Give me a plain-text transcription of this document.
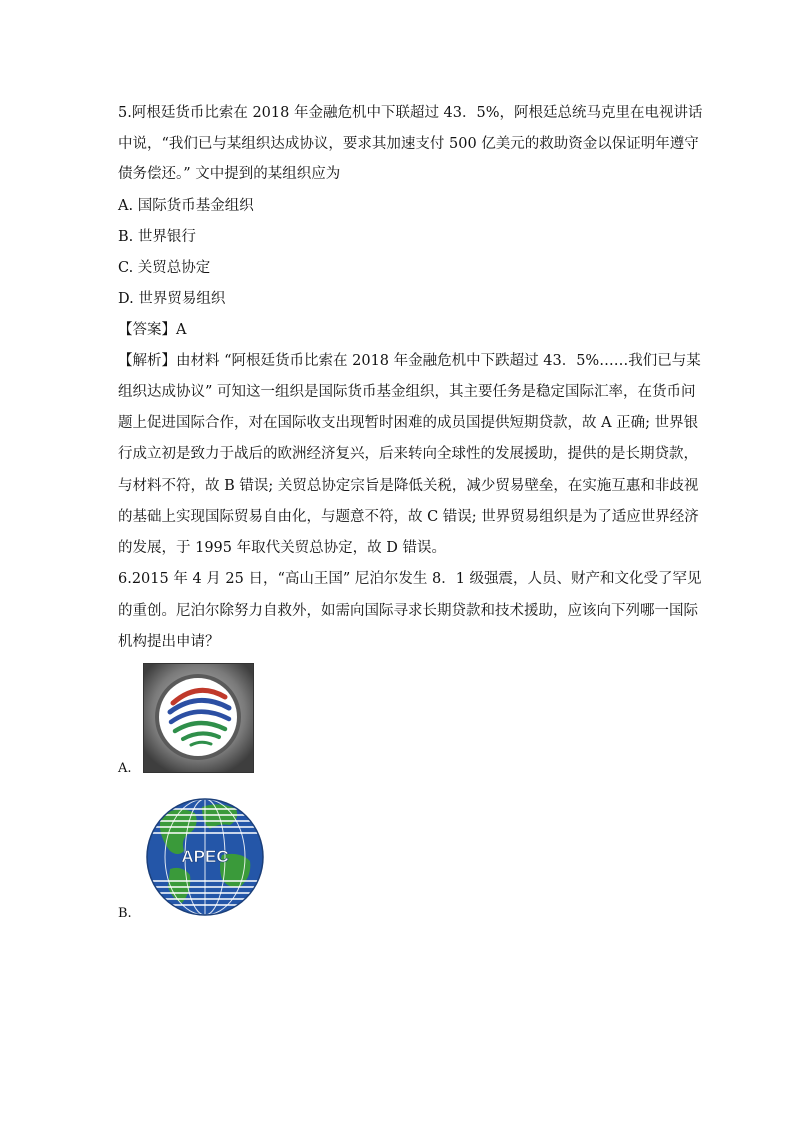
5.阿根廷货币比索在 2018 年金融危机中下联超过 43．5%，阿根廷总统马克里在电视讲话
中说，“我们已与某组织达成协议，要求其加速支付 500 亿美元的救助资金以保证明年遵守
债务偿还。” 文中提到的某组织应为
A. 国际货币基金组织
B. 世界银行
C. 关贸总协定
D. 世界贸易组织
【答案】A
【解析】由材料 “阿根廷货币比索在 2018 年金融危机中下跌超过 43．5%……我们已与某
组织达成协议” 可知这一组织是国际货币基金组织，其主要任务是稳定国际汇率，在货币问
题上促进国际合作，对在国际收支出现暂时困难的成员国提供短期贷款，故 A 正确; 世界银
行成立初是致力于战后的欧洲经济复兴，后来转向全球性的发展援助，提供的是长期贷款，
与材料不符，故 B 错误; 关贸总协定宗旨是降低关税，减少贸易壁垒，在实施互惠和非歧视
的基础上实现国际贸易自由化，与题意不符，故 C 错误; 世界贸易组织是为了适应世界经济
的发展，于 1995 年取代关贸总协定，故 D 错误。
6.2015 年 4 月 25 日，“高山王国” 尼泊尔发生 8．1 级强震，人员、财产和文化受了罕见
的重创。尼泊尔除努力自救外，如需向国际寻求长期贷款和技术援助，应该向下列哪一国际
机构提出申请？
A.
APEC
B.
